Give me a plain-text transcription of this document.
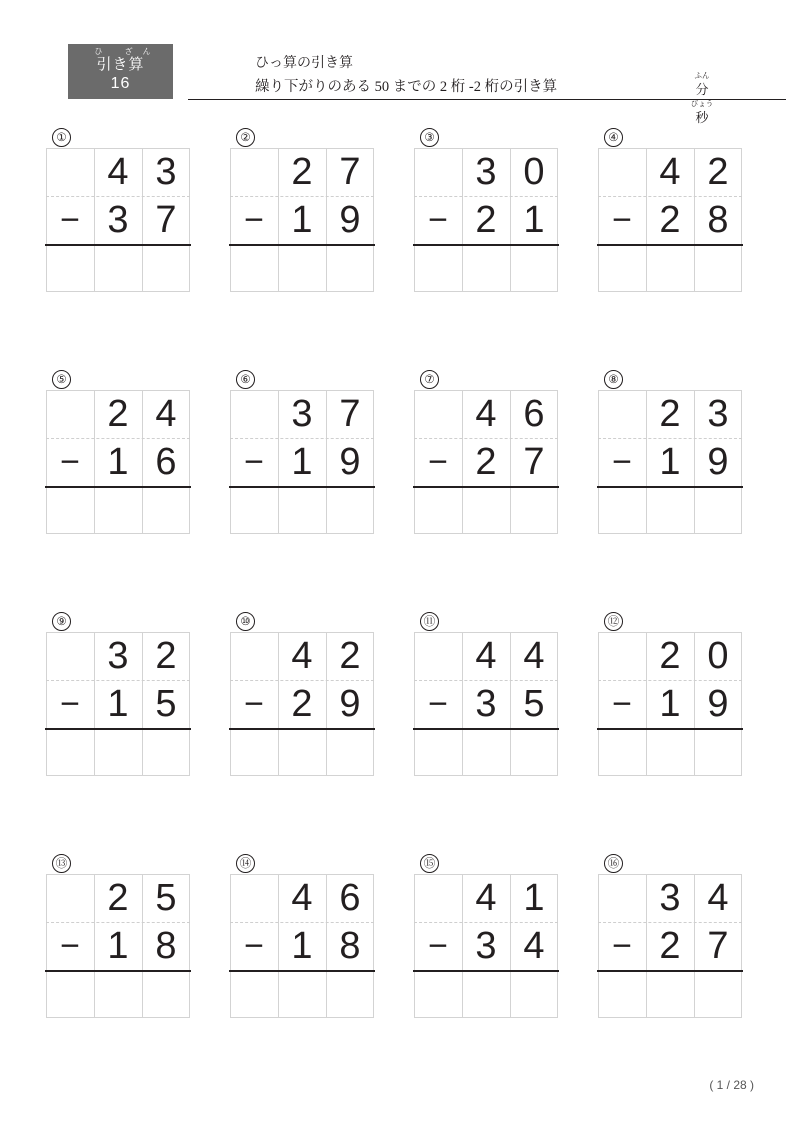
ひ ざん
引き算
16
ひっ算の引き算
繰り下がりのある 50 までの 2 桁 -2 桁の引き算
ふん
分
びょう
秒
①
4 3
3 7
−
②
2 7
1 9
−
③
3 0
2 1
−
④
4 2
2 8
−
⑤
2 4
1 6
−
⑥
3 7
1 9
−
⑦
4 6
2 7
−
⑧
2 3
1 9
−
⑨
3 2
1 5
−
⑩
4 2
2 9
−
⑪
4 4
3 5
−
⑫
2 0
1 9
−
⑬
2 5
1 8
−
⑭
4 6
1 8
−
⑮
4 1
3 4
−
⑯
3 4
2 7
−
( 1 / 28 )
